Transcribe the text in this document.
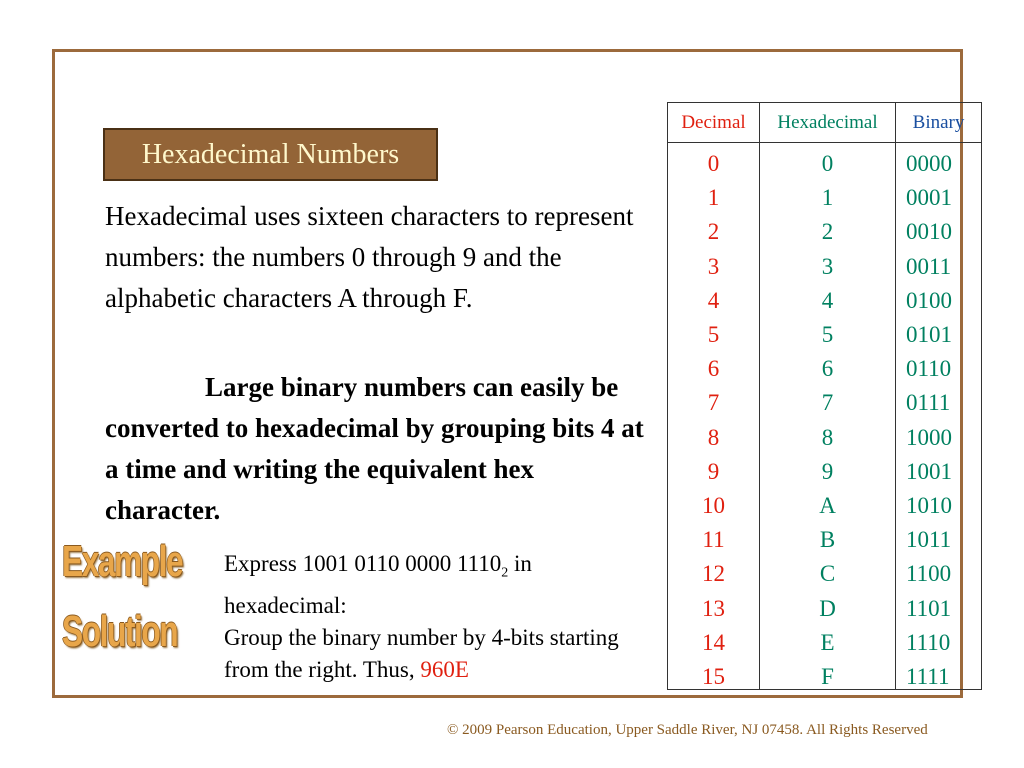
Hexadecimal Numbers

Hexadecimal uses sixteen characters to represent numbers: the numbers 0 through 9 and the alphabetic characters A through F.

Large binary numbers can easily be converted to hexadecimal by grouping bits 4 at a time and writing the equivalent hex character.

Example
Solution

Express 1001 0110 0000 $1110_2$ in hexadecimal:

Group the binary number by 4-bits starting from the right. Thus, 960E

Decimal
0
1
2
3
4
5
6
7
8
9
10
11
12
13
14
15
Hexadecimal
0
1
2
3
4
5
6
7
8
9
A
B
C
D
E
F
Binary
0000
0001
0010
0011
0100
0101
0110
0111
1000
1001
1010
1011
1100
1101
1110
1111
© 2009 Pearson Education, Upper Saddle River, NJ 07458. All Rights Reserved
